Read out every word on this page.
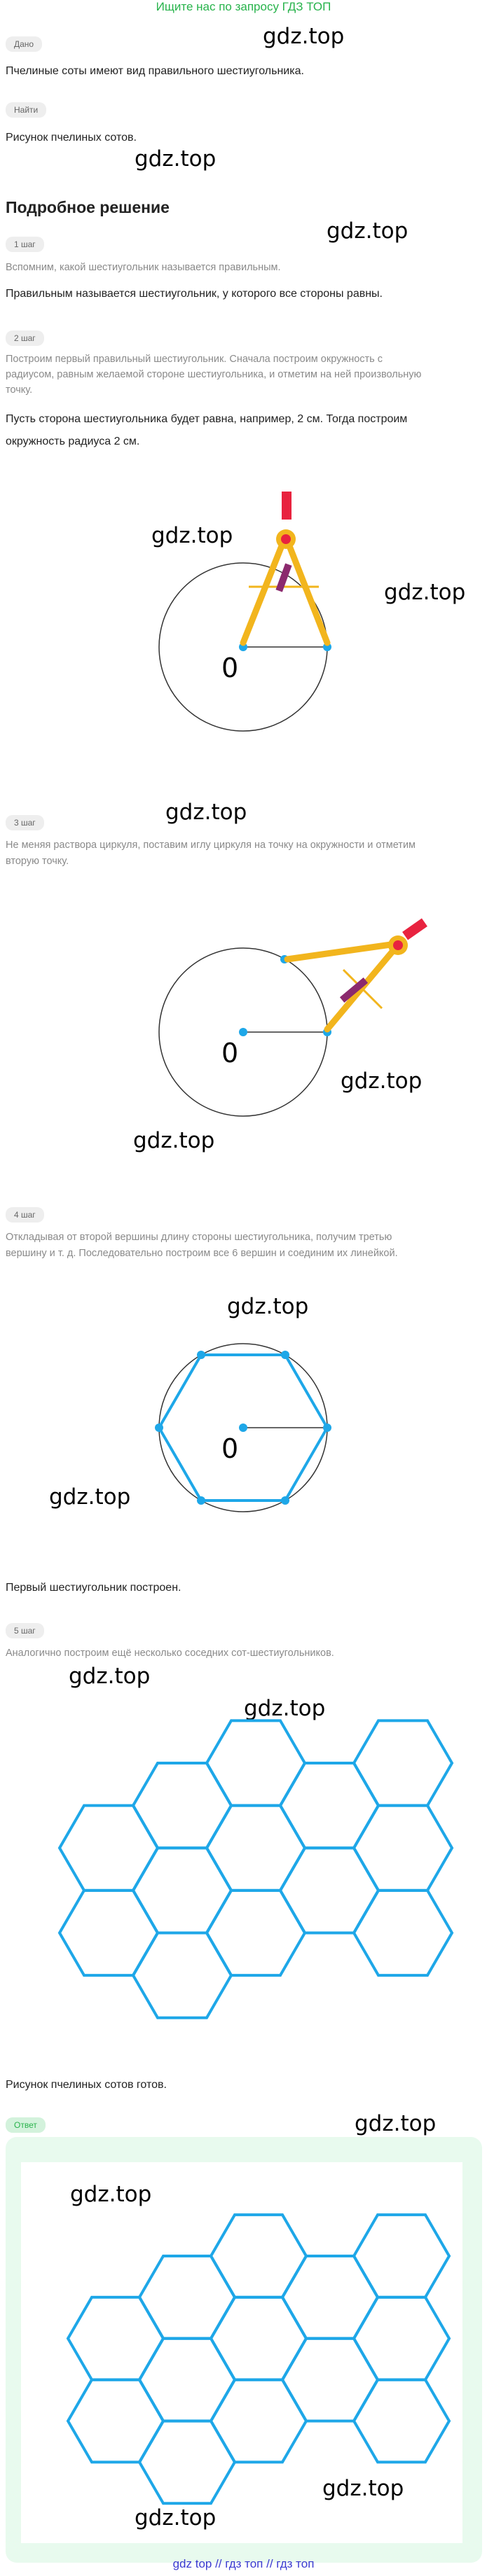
Ищите нас по запросу ГДЗ ТОП
gdz.top
Дано
Пчелиные соты имеют вид правильного шестиугольника.
Найти
Рисунок пчелиных сотов.
gdz.top
Подробное решение
gdz.top
1 шаг
Вспомним, какой шестиугольник называется правильным.
Правильным называется шестиугольник, у которого все стороны равны.
2 шаг
Построим первый правильный шестиугольник. Сначала построим окружность с
радиусом, равным желаемой стороне шестиугольника, и отметим на ней произвольную
точку.
Пусть сторона шестиугольника будет равна, например, 2 см. Тогда построим
окружность радиуса 2 см.
0
gdz.top
gdz.top
gdz.top
3 шаг
Не меняя раствора циркуля, поставим иглу циркуля на точку на окружности и отметим
вторую точку.
0
gdz.top
gdz.top
4 шаг
Откладывая от второй вершины длину стороны шестиугольника, получим третью
вершину и т. д. Последовательно построим все 6 вершин и соединим их линейкой.
gdz.top
0
gdz.top
Первый шестиугольник построен.
5 шаг
Аналогично построим ещё несколько соседних сот-шестиугольников.
gdz.top
gdz.top
Рисунок пчелиных сотов готов.
gdz.top
Ответ
gdz.top
gdz.top
gdz.top
gdz top // гдз топ // гдз топ
